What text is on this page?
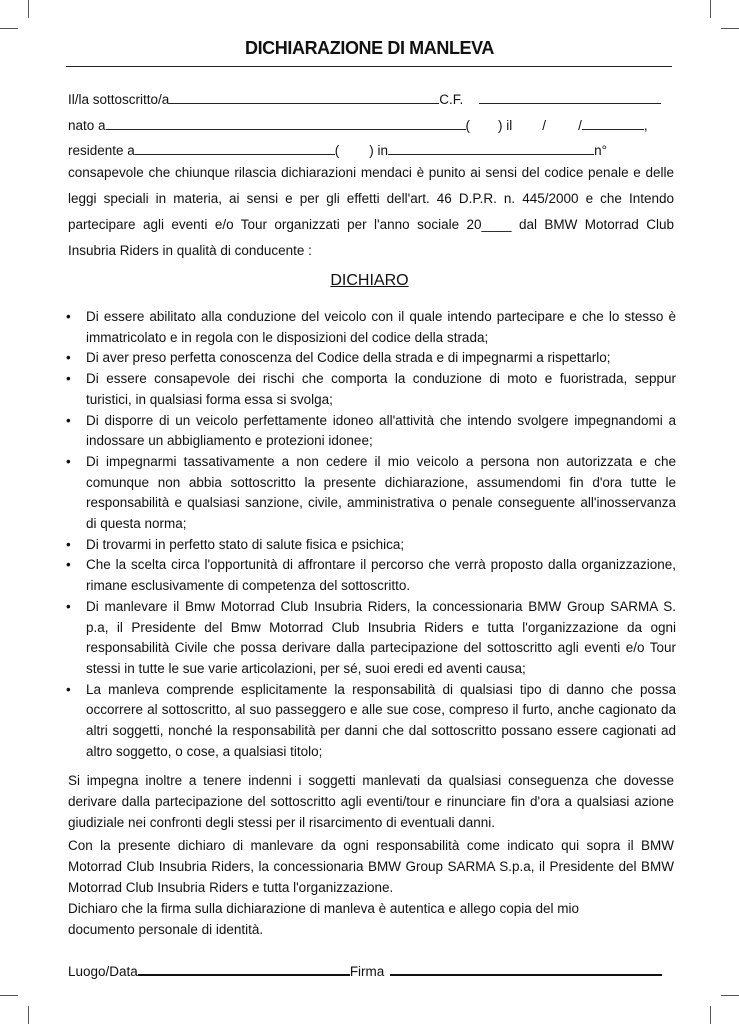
DICHIARAZIONE DI MANLEVA
Il/la sottoscritto/a	C.F.
nato a	( ) il / /	,
residente a	( ) in	n°
consapevole che chiunque rilascia dichiarazioni mendaci è punito ai sensi del codice penale e delle leggi speciali in materia, ai sensi e per gli effetti dell'art. 46 D.P.R. n. 445/2000 e che Intendo partecipare agli eventi e/o Tour organizzati per l'anno sociale 20____ dal BMW Motorrad Club Insubria Riders in qualità di conducente :
DICHIARO
• Di essere abilitato alla conduzione del veicolo con il quale intendo partecipare e che lo stesso è immatricolato e in regola con le disposizioni del codice della strada;
• Di aver preso perfetta conoscenza del Codice della strada e di impegnarmi a rispettarlo;
• Di essere consapevole dei rischi che comporta la conduzione di moto e fuoristrada, seppur turistici, in qualsiasi forma essa si svolga;
• Di disporre di un veicolo perfettamente idoneo all'attività che intendo svolgere impegnandomi a indossare un abbigliamento e protezioni idonee;
• Di impegnarmi tassativamente a non cedere il mio veicolo a persona non autorizzata e che comunque non abbia sottoscritto la presente dichiarazione, assumendomi fin d'ora tutte le responsabilità e qualsiasi sanzione, civile, amministrativa o penale conseguente all'inosservanza di questa norma;
• Di trovarmi in perfetto stato di salute fisica e psichica;
• Che la scelta circa l'opportunità di affrontare il percorso che verrà proposto dalla organizzazione, rimane esclusivamente di competenza del sottoscritto.
• Di manlevare il Bmw Motorrad Club Insubria Riders, la concessionaria BMW Group SARMA S. p.a, il Presidente del Bmw Motorrad Club Insubria Riders e tutta l'organizzazione da ogni responsabilità Civile che possa derivare dalla partecipazione del sottoscritto agli eventi e/o Tour stessi in tutte le sue varie articolazioni, per sé, suoi eredi ed aventi causa;
• La manleva comprende esplicitamente la responsabilità di qualsiasi tipo di danno che possa occorrere al sottoscritto, al suo passeggero e alle sue cose, compreso il furto, anche cagionato da altri soggetti, nonché la responsabilità per danni che dal sottoscritto possano essere cagionati ad altro soggetto, o cose, a qualsiasi titolo;
Si impegna inoltre a tenere indenni i soggetti manlevati da qualsiasi conseguenza che dovesse derivare dalla partecipazione del sottoscritto agli eventi/tour e rinunciare fin d'ora a qualsiasi azione giudiziale nei confronti degli stessi per il risarcimento di eventuali danni.
Con la presente dichiaro di manlevare da ogni responsabilità come indicato qui sopra il BMW Motorrad Club Insubria Riders, la concessionaria BMW Group SARMA S.p.a, il Presidente del BMW Motorrad Club Insubria Riders e tutta l'organizzazione.
Dichiaro che la firma sulla dichiarazione di manleva è autentica e allego copia del mio documento personale di identità.
Luogo/Data	Firma
